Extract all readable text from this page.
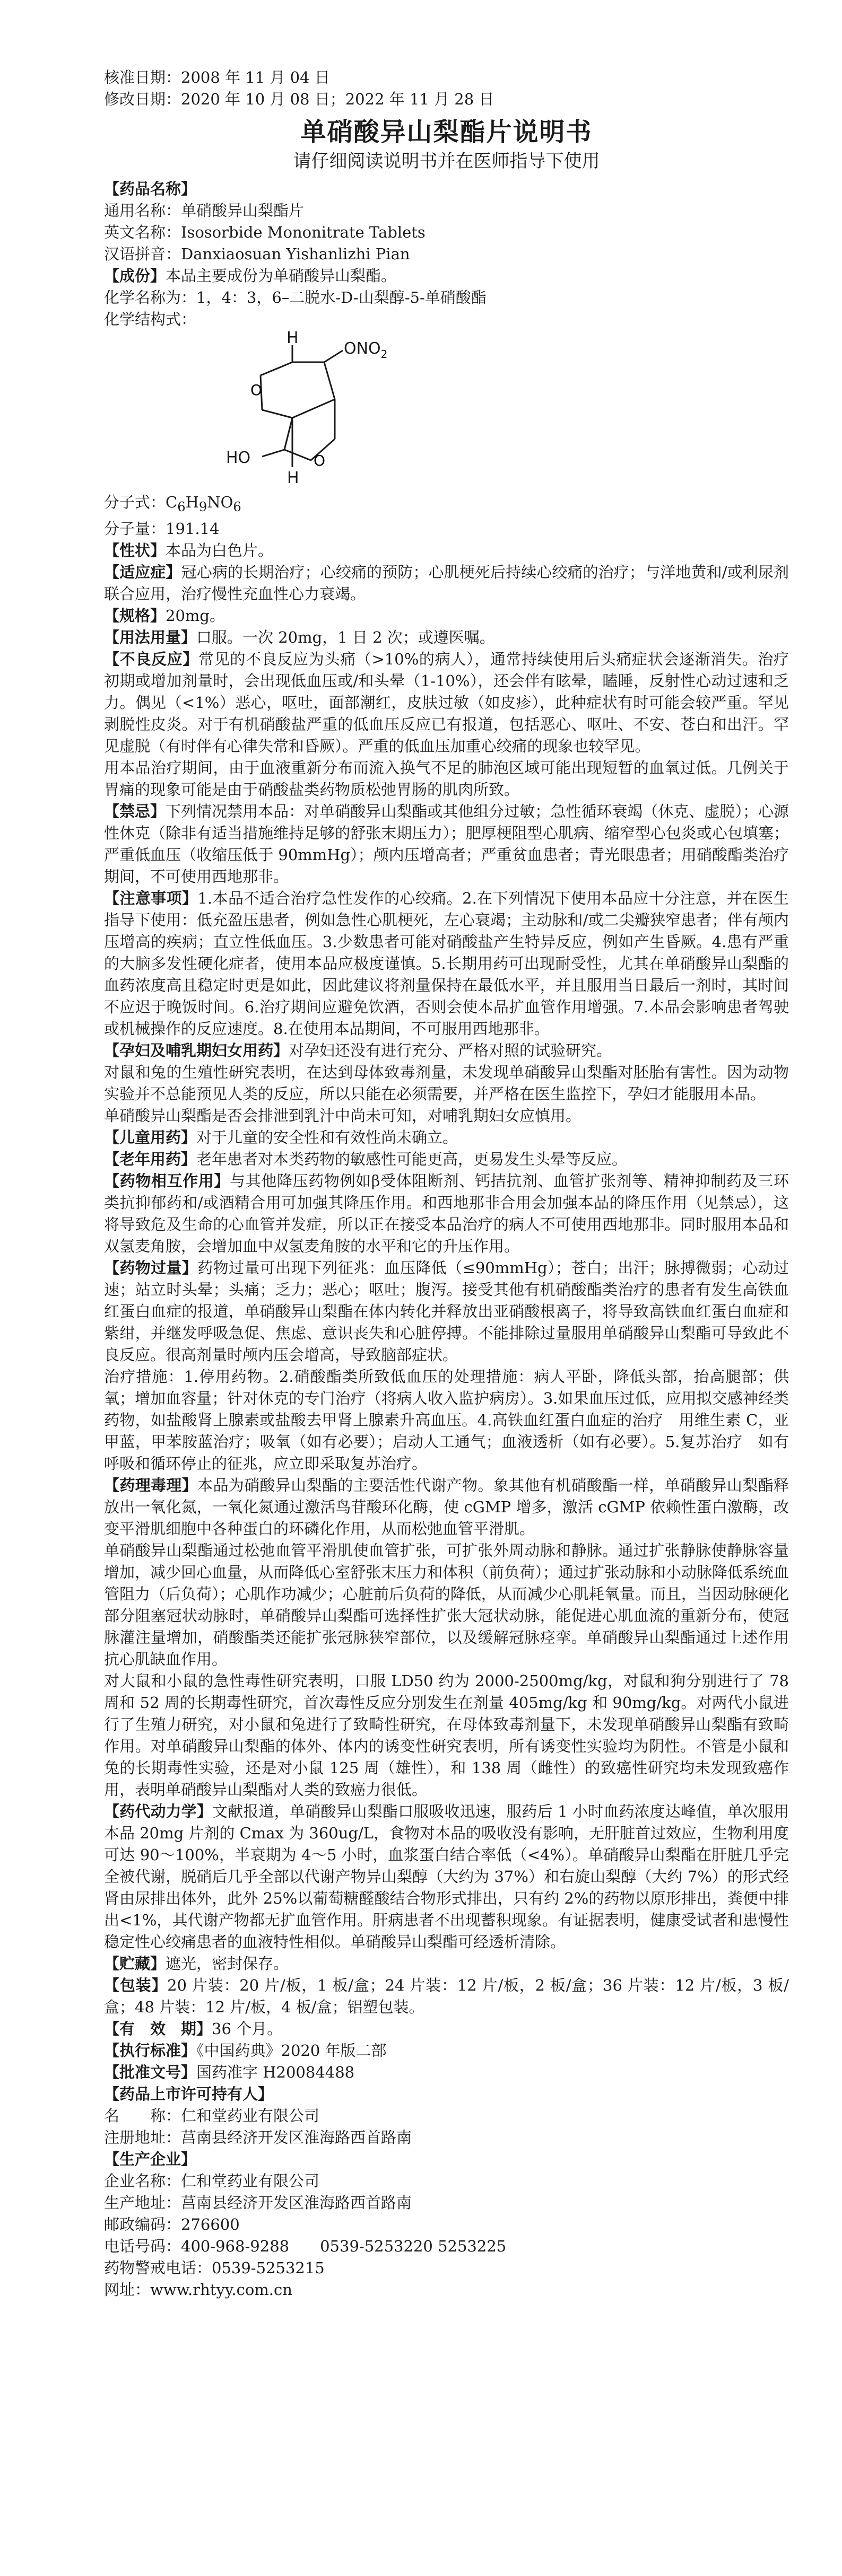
核准日期：2008 年 11 月 04 日
修改日期：2020 年 10 月 08 日；2022 年 11 月 28 日
单硝酸异山梨酯片说明书
请仔细阅读说明书并在医师指导下使用
【药品名称】
通用名称：单硝酸异山梨酯片
英文名称：Isosorbide Mononitrate Tablets
汉语拼音：Danxiaosuan Yishanlizhi Pian
【成份】本品主要成份为单硝酸异山梨酯。
化学名称为：1，4：3，6–二脱水-D-山梨醇-5-单硝酸酯
化学结构式：
O
O
H
$ONO_2$
HO
H
分子式：$C_6H_9NO_6$
分子量：191.14
【性状】本品为白色片。
【适应症】冠心病的长期治疗；心绞痛的预防；心肌梗死后持续心绞痛的治疗；与洋地黄和/或利尿剂联合应用，治疗慢性充血性心力衰竭。
【规格】20mg。
【用法用量】口服。一次 20mg，1 日 2 次；或遵医嘱。
【不良反应】常见的不良反应为头痛（>10%的病人），通常持续使用后头痛症状会逐渐消失。治疗初期或增加剂量时，会出现低血压或/和头晕（1-10%），还会伴有眩晕，瞌睡，反射性心动过速和乏力。偶见（<1%）恶心，呕吐，面部潮红，皮肤过敏（如皮疹），此种症状有时可能会较严重。罕见剥脱性皮炎。对于有机硝酸盐严重的低血压反应已有报道，包括恶心、呕吐、不安、苍白和出汗。罕见虚脱（有时伴有心律失常和昏厥）。严重的低血压加重心绞痛的现象也较罕见。
用本品治疗期间，由于血液重新分布而流入换气不足的肺泡区域可能出现短暂的血氧过低。几例关于胃痛的现象可能是由于硝酸盐类药物质松弛胃肠的肌肉所致。
【禁忌】下列情况禁用本品：对单硝酸异山梨酯或其他组分过敏；急性循环衰竭（休克、虚脱）；心源性休克（除非有适当措施维持足够的舒张末期压力）；肥厚梗阻型心肌病、缩窄型心包炎或心包填塞；严重低血压（收缩压低于 90mmHg）；颅内压增高者；严重贫血患者；青光眼患者；用硝酸酯类治疗期间，不可使用西地那非。
【注意事项】1.本品不适合治疗急性发作的心绞痛。2.在下列情况下使用本品应十分注意，并在医生指导下使用：低充盈压患者，例如急性心肌梗死，左心衰竭；主动脉和/或二尖瓣狭窄患者；伴有颅内压增高的疾病；直立性低血压。3.少数患者可能对硝酸盐产生特异反应，例如产生昏厥。4.患有严重的大脑多发性硬化症者，使用本品应极度谨慎。5.长期用药可出现耐受性，尤其在单硝酸异山梨酯的血药浓度高且稳定时更是如此，因此建议将剂量保持在最低水平，并且服用当日最后一剂时，其时间不应迟于晚饭时间。6.治疗期间应避免饮酒，否则会使本品扩血管作用增强。7.本品会影响患者驾驶或机械操作的反应速度。8.在使用本品期间，不可服用西地那非。
【孕妇及哺乳期妇女用药】对孕妇还没有进行充分、严格对照的试验研究。
对鼠和兔的生殖性研究表明，在达到母体致毒剂量，未发现单硝酸异山梨酯对胚胎有害性。因为动物实验并不总能预见人类的反应，所以只能在必须需要，并严格在医生监控下，孕妇才能服用本品。
单硝酸异山梨酯是否会排泄到乳汁中尚未可知，对哺乳期妇女应慎用。
【儿童用药】对于儿童的安全性和有效性尚未确立。
【老年用药】老年患者对本类药物的敏感性可能更高，更易发生头晕等反应。
【药物相互作用】与其他降压药物例如β受体阻断剂、钙拮抗剂、血管扩张剂等、精神抑制药及三环类抗抑郁药和/或酒精合用可加强其降压作用。和西地那非合用会加强本品的降压作用（见禁忌），这将导致危及生命的心血管并发症，所以正在接受本品治疗的病人不可使用西地那非。同时服用本品和双氢麦角胺，会增加血中双氢麦角胺的水平和它的升压作用。
【药物过量】药物过量可出现下列征兆：血压降低（≤90mmHg）；苍白；出汗；脉搏微弱；心动过速；站立时头晕；头痛；乏力；恶心；呕吐；腹泻。接受其他有机硝酸酯类治疗的患者有发生高铁血红蛋白血症的报道，单硝酸异山梨酯在体内转化并释放出亚硝酸根离子，将导致高铁血红蛋白血症和紫绀，并继发呼吸急促、焦虑、意识丧失和心脏停搏。不能排除过量服用单硝酸异山梨酯可导致此不良反应。很高剂量时颅内压会增高，导致脑部症状。
治疗措施：1.停用药物。2.硝酸酯类所致低血压的处理措施：病人平卧，降低头部，抬高腿部；供氧；增加血容量；针对休克的专门治疗（将病人收入监护病房）。3.如果血压过低，应用拟交感神经类药物，如盐酸肾上腺素或盐酸去甲肾上腺素升高血压。4.高铁血红蛋白血症的治疗　用维生素 C，亚甲蓝，甲苯胺蓝治疗；吸氧（如有必要）；启动人工通气；血液透析（如有必要）。5.复苏治疗　如有呼吸和循环停止的征兆，应立即采取复苏治疗。
【药理毒理】本品为硝酸异山梨酯的主要活性代谢产物。象其他有机硝酸酯一样，单硝酸异山梨酯释放出一氧化氮，一氧化氮通过激活鸟苷酸环化酶，使 cGMP 增多，激活 cGMP 依赖性蛋白激酶，改变平滑肌细胞中各种蛋白的环磷化作用，从而松弛血管平滑肌。
单硝酸异山梨酯通过松弛血管平滑肌使血管扩张，可扩张外周动脉和静脉。通过扩张静脉使静脉容量增加，减少回心血量，从而降低心室舒张末压力和体积（前负荷）；通过扩张动脉和小动脉降低系统血管阻力（后负荷）；心肌作功减少；心脏前后负荷的降低，从而减少心肌耗氧量。而且，当因动脉硬化部分阻塞冠状动脉时，单硝酸异山梨酯可选择性扩张大冠状动脉，能促进心肌血流的重新分布，使冠脉灌注量增加，硝酸酯类还能扩张冠脉狭窄部位，以及缓解冠脉痉挛。单硝酸异山梨酯通过上述作用抗心肌缺血作用。
对大鼠和小鼠的急性毒性研究表明，口服 LD50 约为 2000-2500mg/kg，对鼠和狗分别进行了 78 周和 52 周的长期毒性研究，首次毒性反应分别发生在剂量 405mg/kg 和 90mg/kg。对两代小鼠进行了生殖力研究，对小鼠和兔进行了致畸性研究，在母体致毒剂量下，未发现单硝酸异山梨酯有致畸作用。对单硝酸异山梨酯的体外、体内的诱变性研究表明，所有诱变性实验均为阴性。不管是小鼠和兔的长期毒性实验，还是对小鼠 125 周（雄性），和 138 周（雌性）的致癌性研究均未发现致癌作用，表明单硝酸异山梨酯对人类的致癌力很低。
【药代动力学】文献报道，单硝酸异山梨酯口服吸收迅速，服药后 1 小时血药浓度达峰值，单次服用本品 20mg 片剂的 Cmax 为 360ug/L，食物对本品的吸收没有影响，无肝脏首过效应，生物利用度可达 90～100%，半衰期为 4～5 小时，血浆蛋白结合率低（<4%）。单硝酸异山梨酯在肝脏几乎完全被代谢，脱硝后几乎全部以代谢产物异山梨醇（大约为 37%）和右旋山梨醇（大约 7%）的形式经肾由尿排出体外，此外 25%以葡萄糖醛酸结合物形式排出，只有约 2%的药物以原形排出，粪便中排出<1%，其代谢产物都无扩血管作用。肝病患者不出现蓄积现象。有证据表明，健康受试者和患慢性稳定性心绞痛患者的血液特性相似。单硝酸异山梨酯可经透析清除。
【贮藏】遮光，密封保存。
【包装】20 片装：20 片/板，1 板/盒；24 片装：12 片/板，2 板/盒；36 片装：12 片/板，3 板/盒；48 片装：12 片/板，4 板/盒；铝塑包装。
【有　效　期】36 个月。
【执行标准】《中国药典》2020 年版二部
【批准文号】国药准字 H20084488
【药品上市许可持有人】
名　　称：仁和堂药业有限公司
注册地址：莒南县经济开发区淮海路西首路南
【生产企业】
企业名称：仁和堂药业有限公司
生产地址：莒南县经济开发区淮海路西首路南
邮政编码：276600
电话号码：400-968-9288　　0539-5253220 5253225
药物警戒电话：0539-5253215
网址：www.rhtyy.com.cn
